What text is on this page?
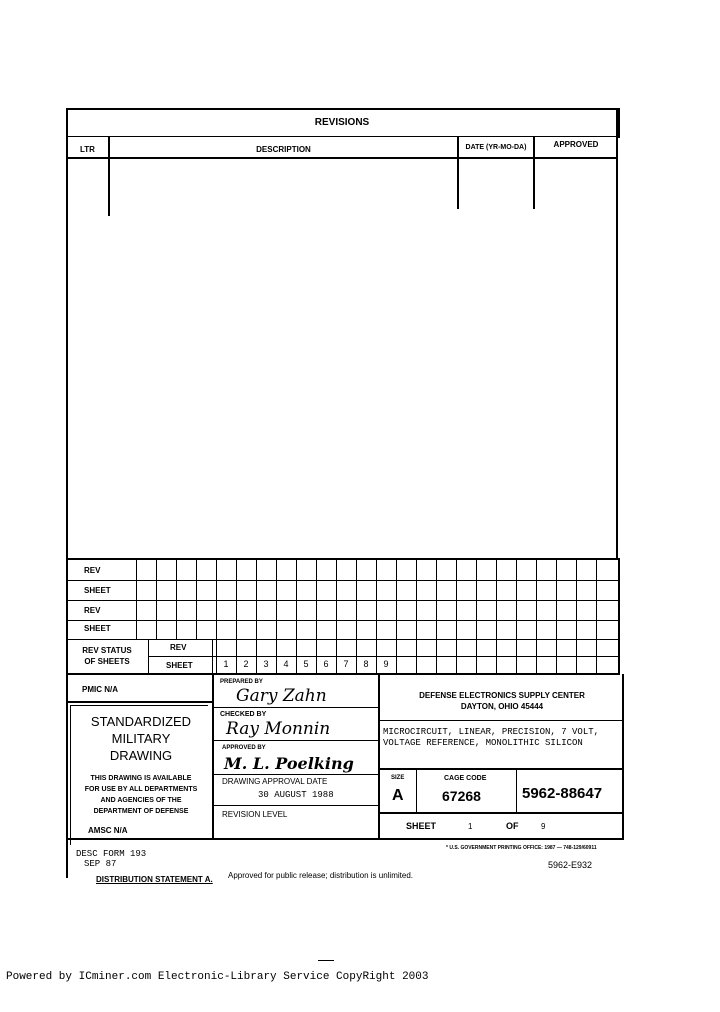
REVISIONS
LTR	DESCRIPTION	DATE (YR-MO-DA)	APPROVED
REV
SHEET
REV
SHEET
REV STATUS
OF SHEETS
REV
SHEET	1	2	3	4	5	6	7	8	9
PMIC N/A
STANDARDIZED
MILITARY
DRAWING
THIS DRAWING IS AVAILABLE
FOR USE BY ALL DEPARTMENTS
AND AGENCIES OF THE
DEPARTMENT OF DEFENSE
AMSC N/A
PREPARED BY
Gary Zahn
CHECKED BY
Ray Monnin
APPROVED BY
M. L. Poelking
DRAWING APPROVAL DATE
30 AUGUST 1988
REVISION LEVEL
DEFENSE ELECTRONICS SUPPLY CENTER
DAYTON, OHIO 45444
MICROCIRCUIT, LINEAR, PRECISION, 7 VOLT,
VOLTAGE REFERENCE, MONOLITHIC SILICON
SIZE
A
CAGE CODE
67268	5962-88647
SHEET	1	OF	9
DESC FORM 193
SEP 87
* U.S. GOVERNMENT PRINTING OFFICE: 1987 — 748-129/60911
5962-E932
DISTRIBUTION STATEMENT A. Approved for public release; distribution is unlimited.
Powered by ICminer.com Electronic-Library Service CopyRight 2003
